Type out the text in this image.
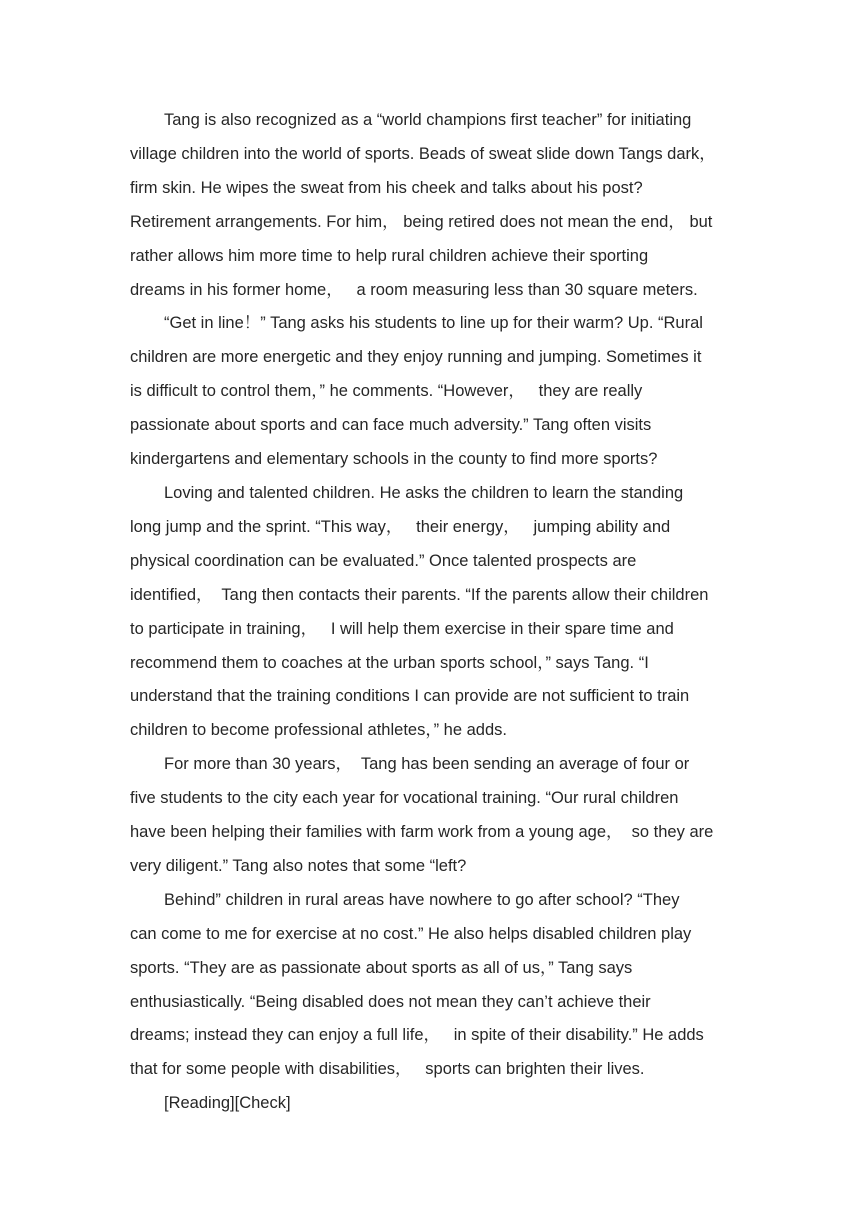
Tang is also recognized as a “world champions first teacher” for initiating
village children into the world of sports. Beads of sweat slide down Tangs dark，
firm skin. He wipes the sweat from his cheek and talks about his post?
Retirement arrangements. For him， being retired does not mean the end， but
rather allows him more time to help rural children achieve their sporting
dreams in his former home，   a room measuring less than 30 square meters.

“Get in line！” Tang asks his students to line up for their warm? Up. “Rural
children are more energetic and they enjoy running and jumping. Sometimes it
is difficult to control them，” he comments. “However，   they are really
passionate about sports and can face much adversity.” Tang often visits
kindergartens and elementary schools in the county to find more sports?

Loving and talented children. He asks the children to learn the standing
long jump and the sprint. “This way，   their energy，   jumping ability and
physical coordination can be evaluated.” Once talented prospects are
identified，  Tang then contacts their parents. “If the parents allow their children
to participate in training，   I will help them exercise in their spare time and
recommend them to coaches at the urban sports school，” says Tang. “I
understand that the training conditions I can provide are not sufficient to train
children to become professional athletes，” he adds.

For more than 30 years，  Tang has been sending an average of four or
five students to the city each year for vocational training. “Our rural children
have been helping their families with farm work from a young age，  so they are
very diligent.” Tang also notes that some “left?

Behind” children in rural areas have nowhere to go after school? “They
can come to me for exercise at no cost.” He also helps disabled children play
sports. “They are as passionate about sports as all of us，” Tang says
enthusiastically. “Being disabled does not mean they can’t achieve their
dreams; instead they can enjoy a full life，   in spite of their disability.” He adds
that for some people with disabilities，   sports can brighten their lives.

[Reading][Check]
